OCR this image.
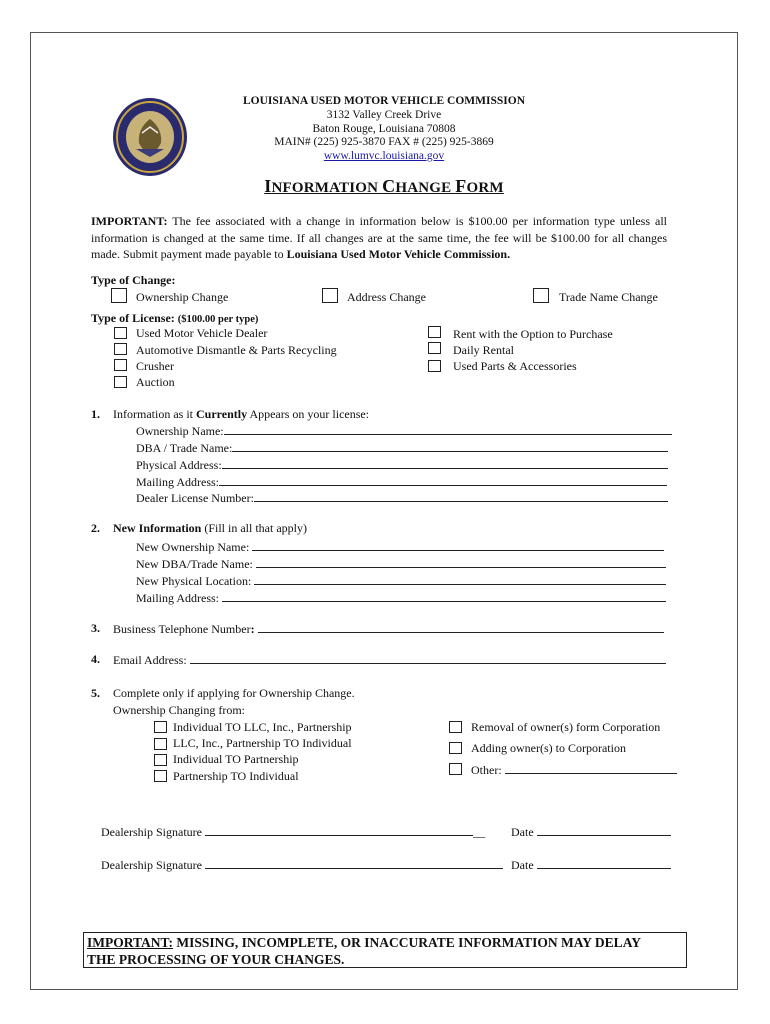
LOUISIANA USED MOTOR VEHICLE COMMISSION
3132 Valley Creek Drive
Baton Rouge, Louisiana 70808
MAIN# (225) 925-3870 FAX # (225) 925-3869
www.lumvc.louisiana.gov
INFORMATION CHANGE FORM
IMPORTANT: The fee associated with a change in information below is $100.00 per information type unless all information is changed at the same time. If all changes are at the same time, the fee will be $100.00 for all changes made. Submit payment made payable to Louisiana Used Motor Vehicle Commission.
Type of Change:
Ownership Change	Address Change	Trade Name Change
Type of License: ($100.00 per type)
Used Motor Vehicle Dealer
Automotive Dismantle & Parts Recycling
Crusher
Auction
Rent with the Option to Purchase
Daily Rental
Used Parts & Accessories
1. Information as it Currently Appears on your license:
Ownership Name:
DBA / Trade Name:
Physical Address:
Mailing Address:
Dealer License Number:
2. New Information (Fill in all that apply)
New Ownership Name:
New DBA/Trade Name:
New Physical Location:
Mailing Address:
3. Business Telephone Number:
4. Email Address:
5. Complete only if applying for Ownership Change.
Ownership Changing from:
Individual TO LLC, Inc., Partnership
LLC, Inc., Partnership TO Individual
Individual TO Partnership
Partnership TO Individual
Removal of owner(s) form Corporation
Adding owner(s) to Corporation
Other:
Dealership Signature	__ Date
Dealership Signature	Date
IMPORTANT: MISSING, INCOMPLETE, OR INACCURATE INFORMATION MAY DELAY
THE PROCESSING OF YOUR CHANGES.
